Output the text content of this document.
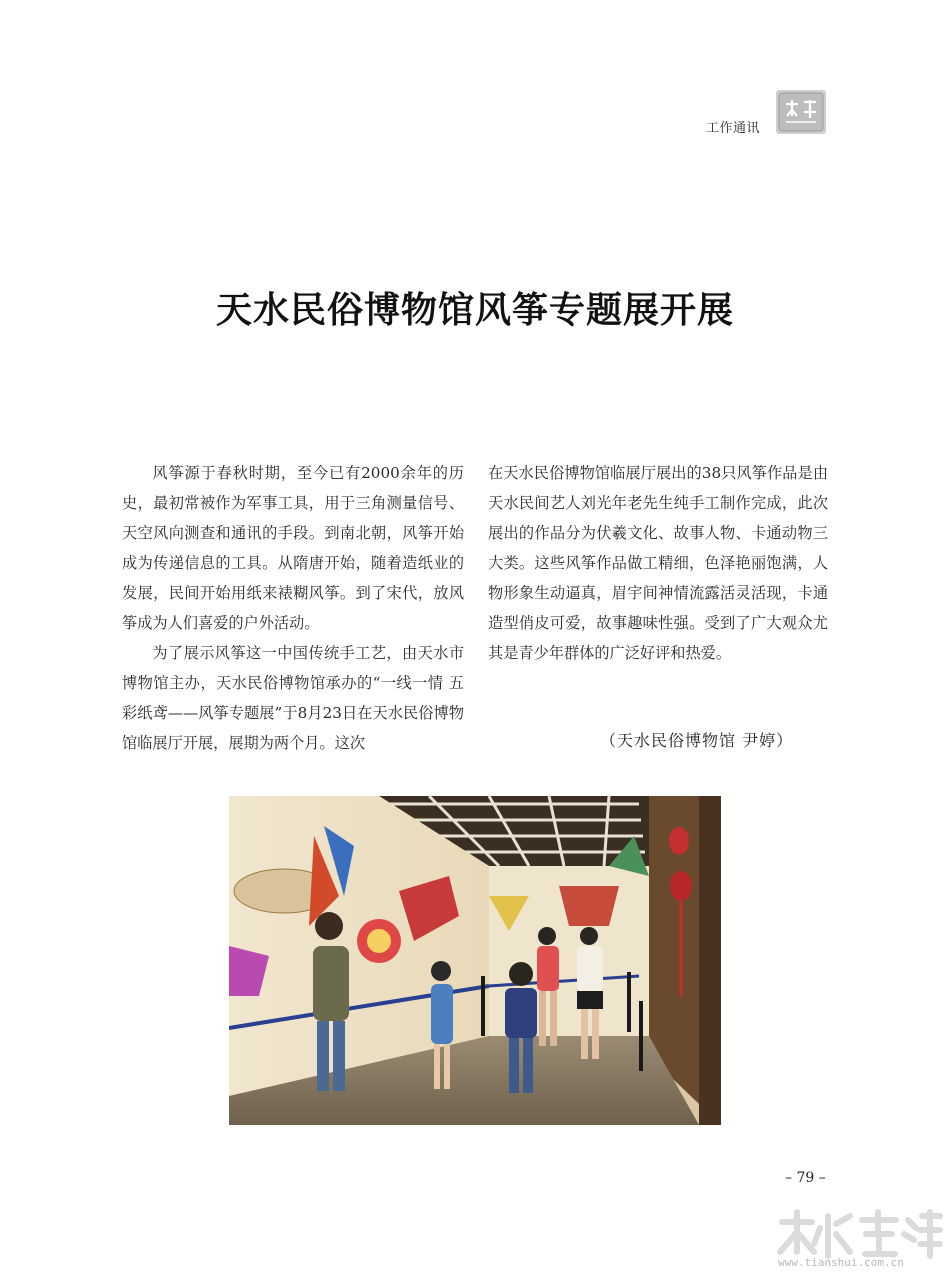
工作通讯
天水民俗博物馆风筝专题展开展

风筝源于春秋时期，至今已有2000余年的历史，最初常被作为军事工具，用于三角测量信号、天空风向测查和通讯的手段。到南北朝，风筝开始成为传递信息的工具。从隋唐开始，随着造纸业的发展，民间开始用纸来裱糊风筝。到了宋代，放风筝成为人们喜爱的户外活动。

为了展示风筝这一中国传统手工艺，由天水市博物馆主办，天水民俗博物馆承办的“一线一情 五彩纸鸢——风筝专题展”于8月23日在天水民俗博物馆临展厅开展，展期为两个月。这次

在天水民俗博物馆临展厅展出的38只风筝作品是由天水民间艺人刘光年老先生纯手工制作完成，此次展出的作品分为伏羲文化、故事人物、卡通动物三大类。这些风筝作品做工精细，色泽艳丽饱满，人物形象生动逼真，眉宇间神情流露活灵活现，卡通造型俏皮可爱，故事趣味性强。受到了广大观众尤其是青少年群体的广泛好评和热爱。

（天水民俗博物馆 尹婷）
– 79 –
www.tianshui.com.cn
